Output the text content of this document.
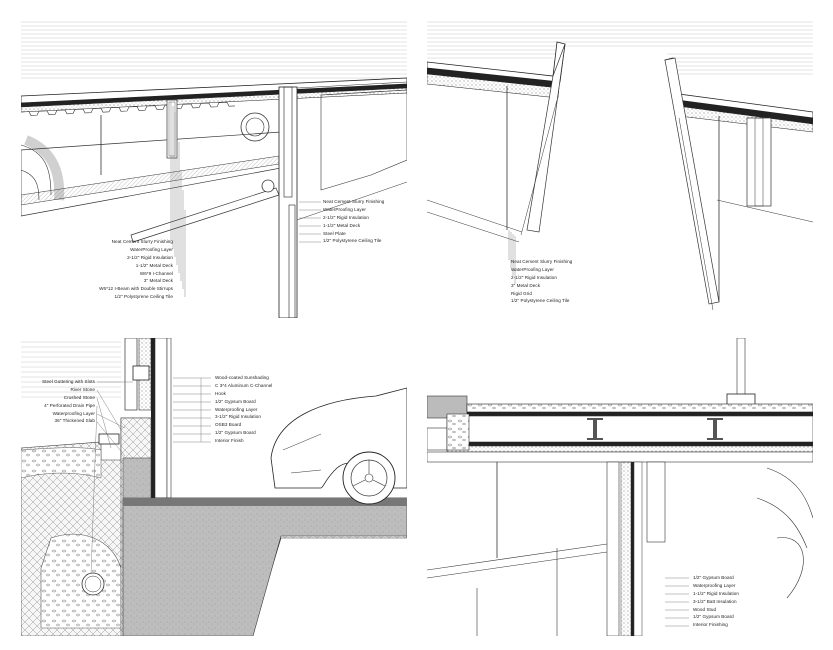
Neat Cement Slurry Finishing
WaterProofing Layer
2-1/2" Rigid Insulation
1-1/2" Metal Deck
W6*9 I-Channel
3" Metal Deck
W6*12 I-Beam with Double Stirrups
1/2" Polystyrene Ceiling Tile
Neat Cement Slurry Finishing
WaterProofing Layer
2-1/2" Rigid Insulation
1-1/2" Metal Deck
Steel Plate
1/2" Polystyrene Ceiling Tile
Neat Cement Slurry Finishing
WaterProofing Layer
2-1/2" Rigid Insulation
3" Metal Deck
Rigid Grid
1/2" Polystyrene Ceiling Tile
Steel Guttering with Slots
River Stone
Crushed Stone
4" Perforated Drain Pipe
Waterproofing Layer
36" Thickened Slab
Wood-coated Sunshading
C 3*4 Aluminum C-Channel
Hook
1/2" Gypsum Board
Waterproofing Layer
3-1/2" Rigid Insulation
OSB3 Board
1/2" Gypsum Board
Interior Finish
1/2" Gypsum Board
Waterproofing Layer
1-1/2" Rigid Insulation
3-1/2" Batt Insulation
Wood Stud
1/2" Gypsum Board
Interior Finishing
